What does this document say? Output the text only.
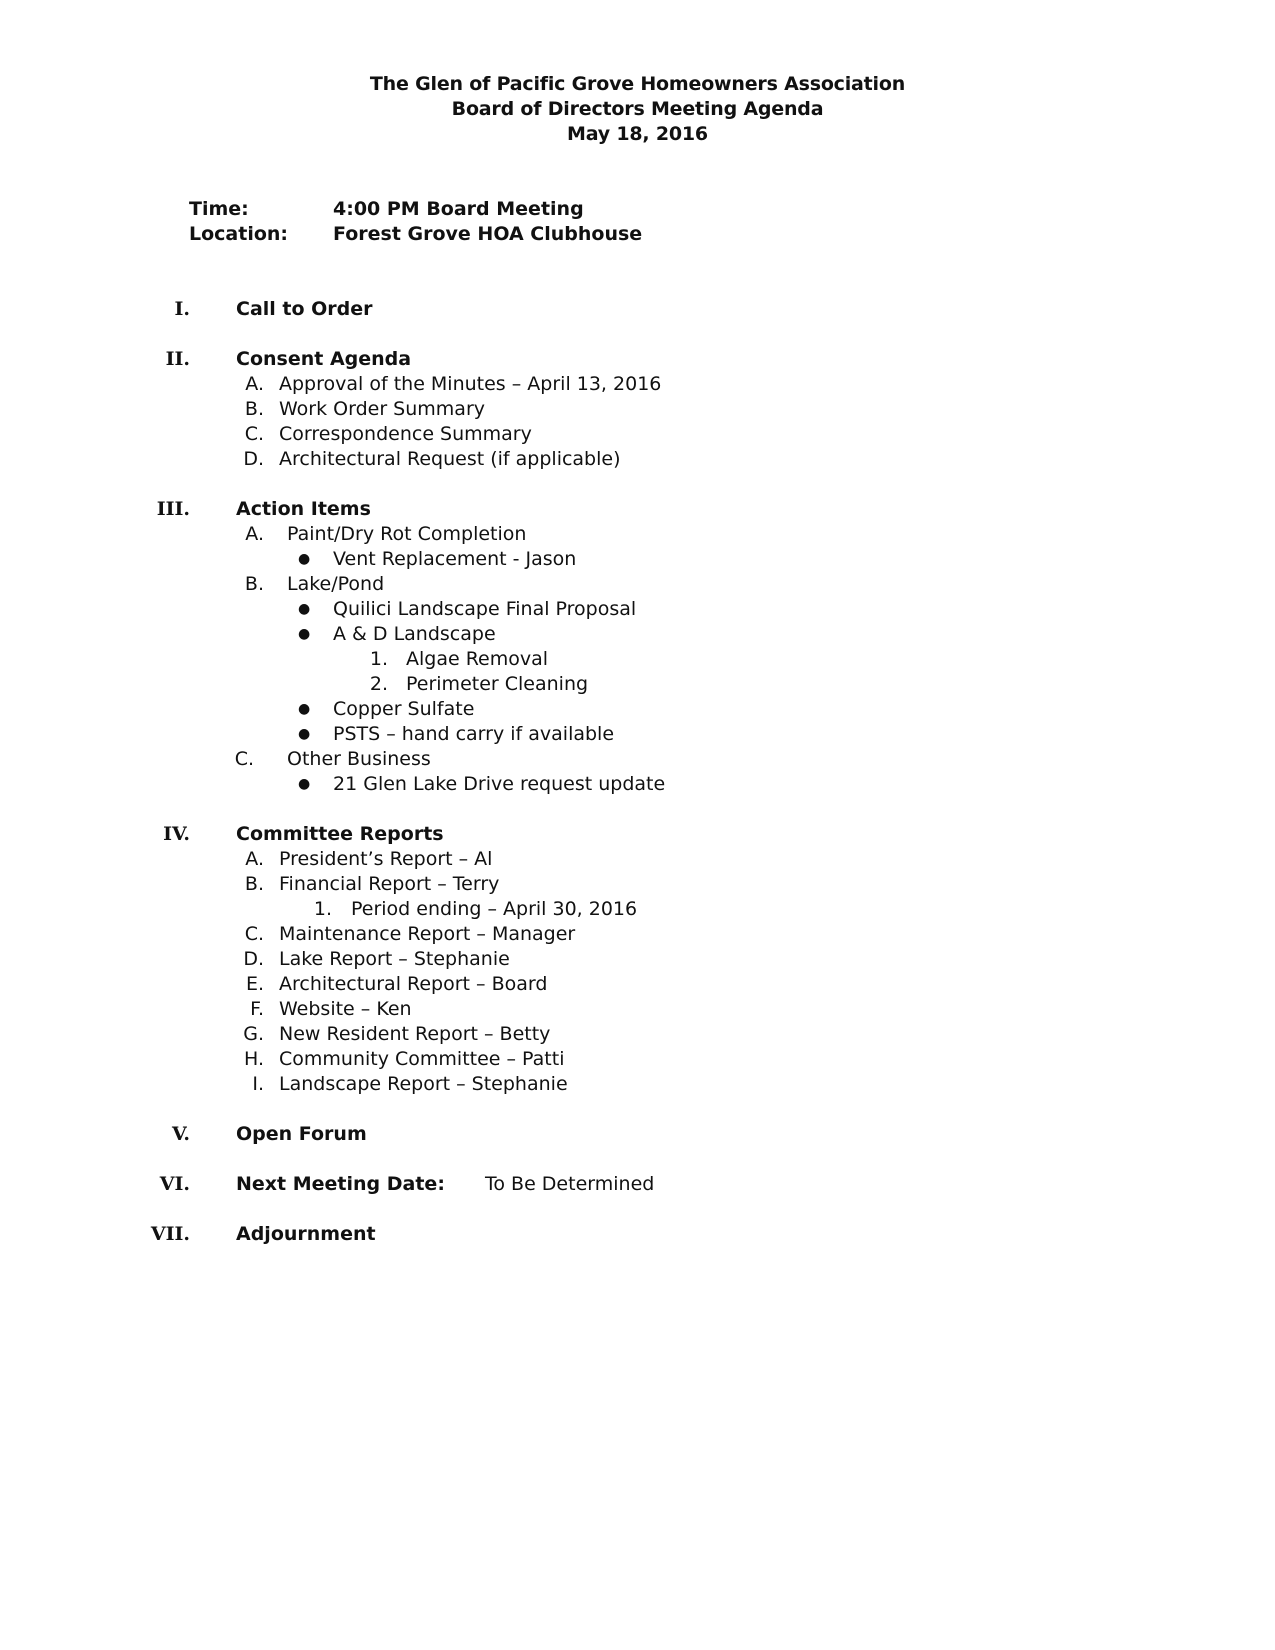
The Glen of Pacific Grove Homeowners Association
Board of Directors Meeting Agenda
May 18, 2016
Time:	4:00 PM Board Meeting
Location:	Forest Grove HOA Clubhouse
I. Call to Order
II. Consent Agenda
A. Approval of the Minutes – April 13, 2016
B. Work Order Summary
C. Correspondence Summary
D. Architectural Request (if applicable)
III. Action Items
A. Paint/Dry Rot Completion
● Vent Replacement - Jason
B. Lake/Pond
● Quilici Landscape Final Proposal
● A & D Landscape
1. Algae Removal
2. Perimeter Cleaning
● Copper Sulfate
● PSTS – hand carry if available
C. Other Business
● 21 Glen Lake Drive request update
IV. Committee Reports
A. President’s Report – Al
B. Financial Report – Terry
1. Period ending – April 30, 2016
C. Maintenance Report – Manager
D. Lake Report – Stephanie
E. Architectural Report – Board
F. Website – Ken
G. New Resident Report – Betty
H. Community Committee – Patti
I. Landscape Report – Stephanie
V. Open Forum
VI. Next Meeting Date: To Be Determined
VII. Adjournment
